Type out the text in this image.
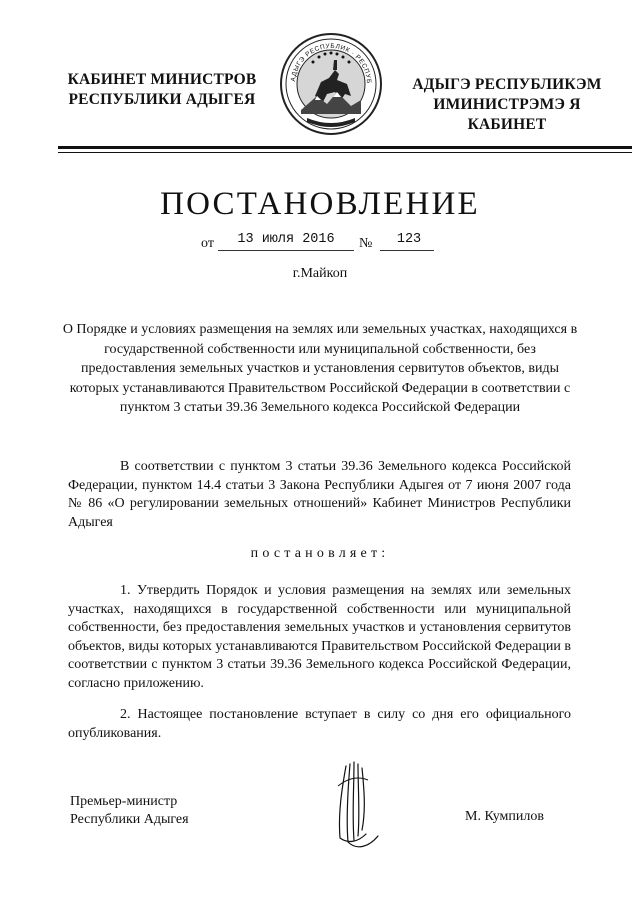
КАБИНЕТ МИНИСТРОВ
РЕСПУБЛИКИ АДЫГЕЯ
АДЫГЭ РЕСПУБЛИК · РЕСПУБ	АДЫГЭ РЕСПУБЛИКЭМ
ИМИНИСТРЭМЭ Я КАБИНЕТ
ПОСТАНОВЛЕНИЕ
от	13 июля 2016	№	123
г.Майкоп
О Порядке и условиях размещения на землях или земельных участках, находящихся в государственной собственности или муниципальной собственности, без предоставления земельных участков и установления сервитутов объектов, виды которых устанавливаются Правительством Российской Федерации в соответствии с пунктом 3 статьи 39.36 Земельного кодекса Российской Федерации

В соответствии с пунктом 3 статьи 39.36 Земельного кодекса Российской Федерации, пунктом 14.4 статьи 3 Закона Республики Адыгея от 7 июня 2007 года № 86 «О регулировании земельных отношений» Кабинет Министров Республики Адыгея

постановляет:

1. Утвердить Порядок и условия размещения на землях или земельных участках, находящихся в государственной собственности или муниципальной собственности, без предоставления земельных участков и установления сервитутов объектов, виды которых устанавливаются Правительством Российской Федерации в соответствии с пунктом 3 статьи 39.36 Земельного кодекса Российской Федерации, согласно приложению.

2. Настоящее постановление вступает в силу со дня его официального опубликования.

Премьер-министр
Республики Адыгея	М. Кумпилов
